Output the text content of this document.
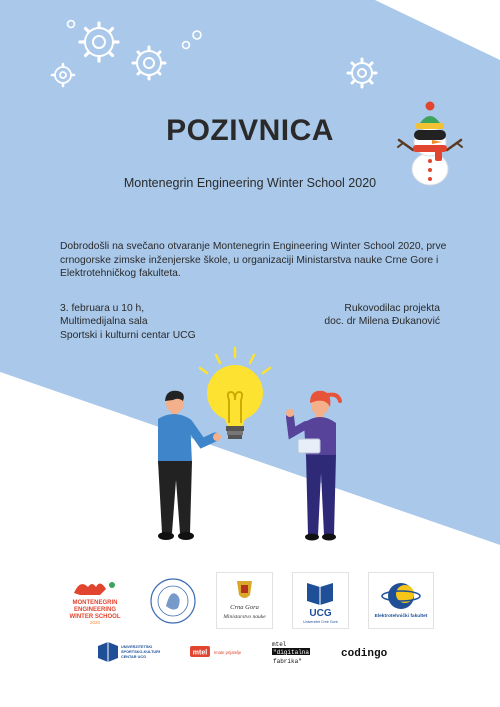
POZIVNICA
Montenegrin Engineering Winter School 2020
Dobrodošli na svečano otvaranje Montenegrin Engineering Winter School 2020, prve crnogorske zimske inženjerske škole, u organizaciji Ministarstva nauke Crne Gore i Elektrotehničkog fakulteta.
3. februara u 10 h,
Multimedijalna sala
Sportski i kulturni centar UCG
Rukovodilac projekta
doc. dr Milena Đukanović
MONTENEGRIN
ENGINEERING
WINTER SCHOOL
2020
Crna Gora
Ministarstvo nauke	UCG
Univerzitet Crne Gore
Elektrotehnički fakultet
UNIVERZITETSKI
SPORTSKO-KULTURNI
CENTAR UCG
mtel Imate prijatelje
mtel
"digitalna
fabrika"
codingo
